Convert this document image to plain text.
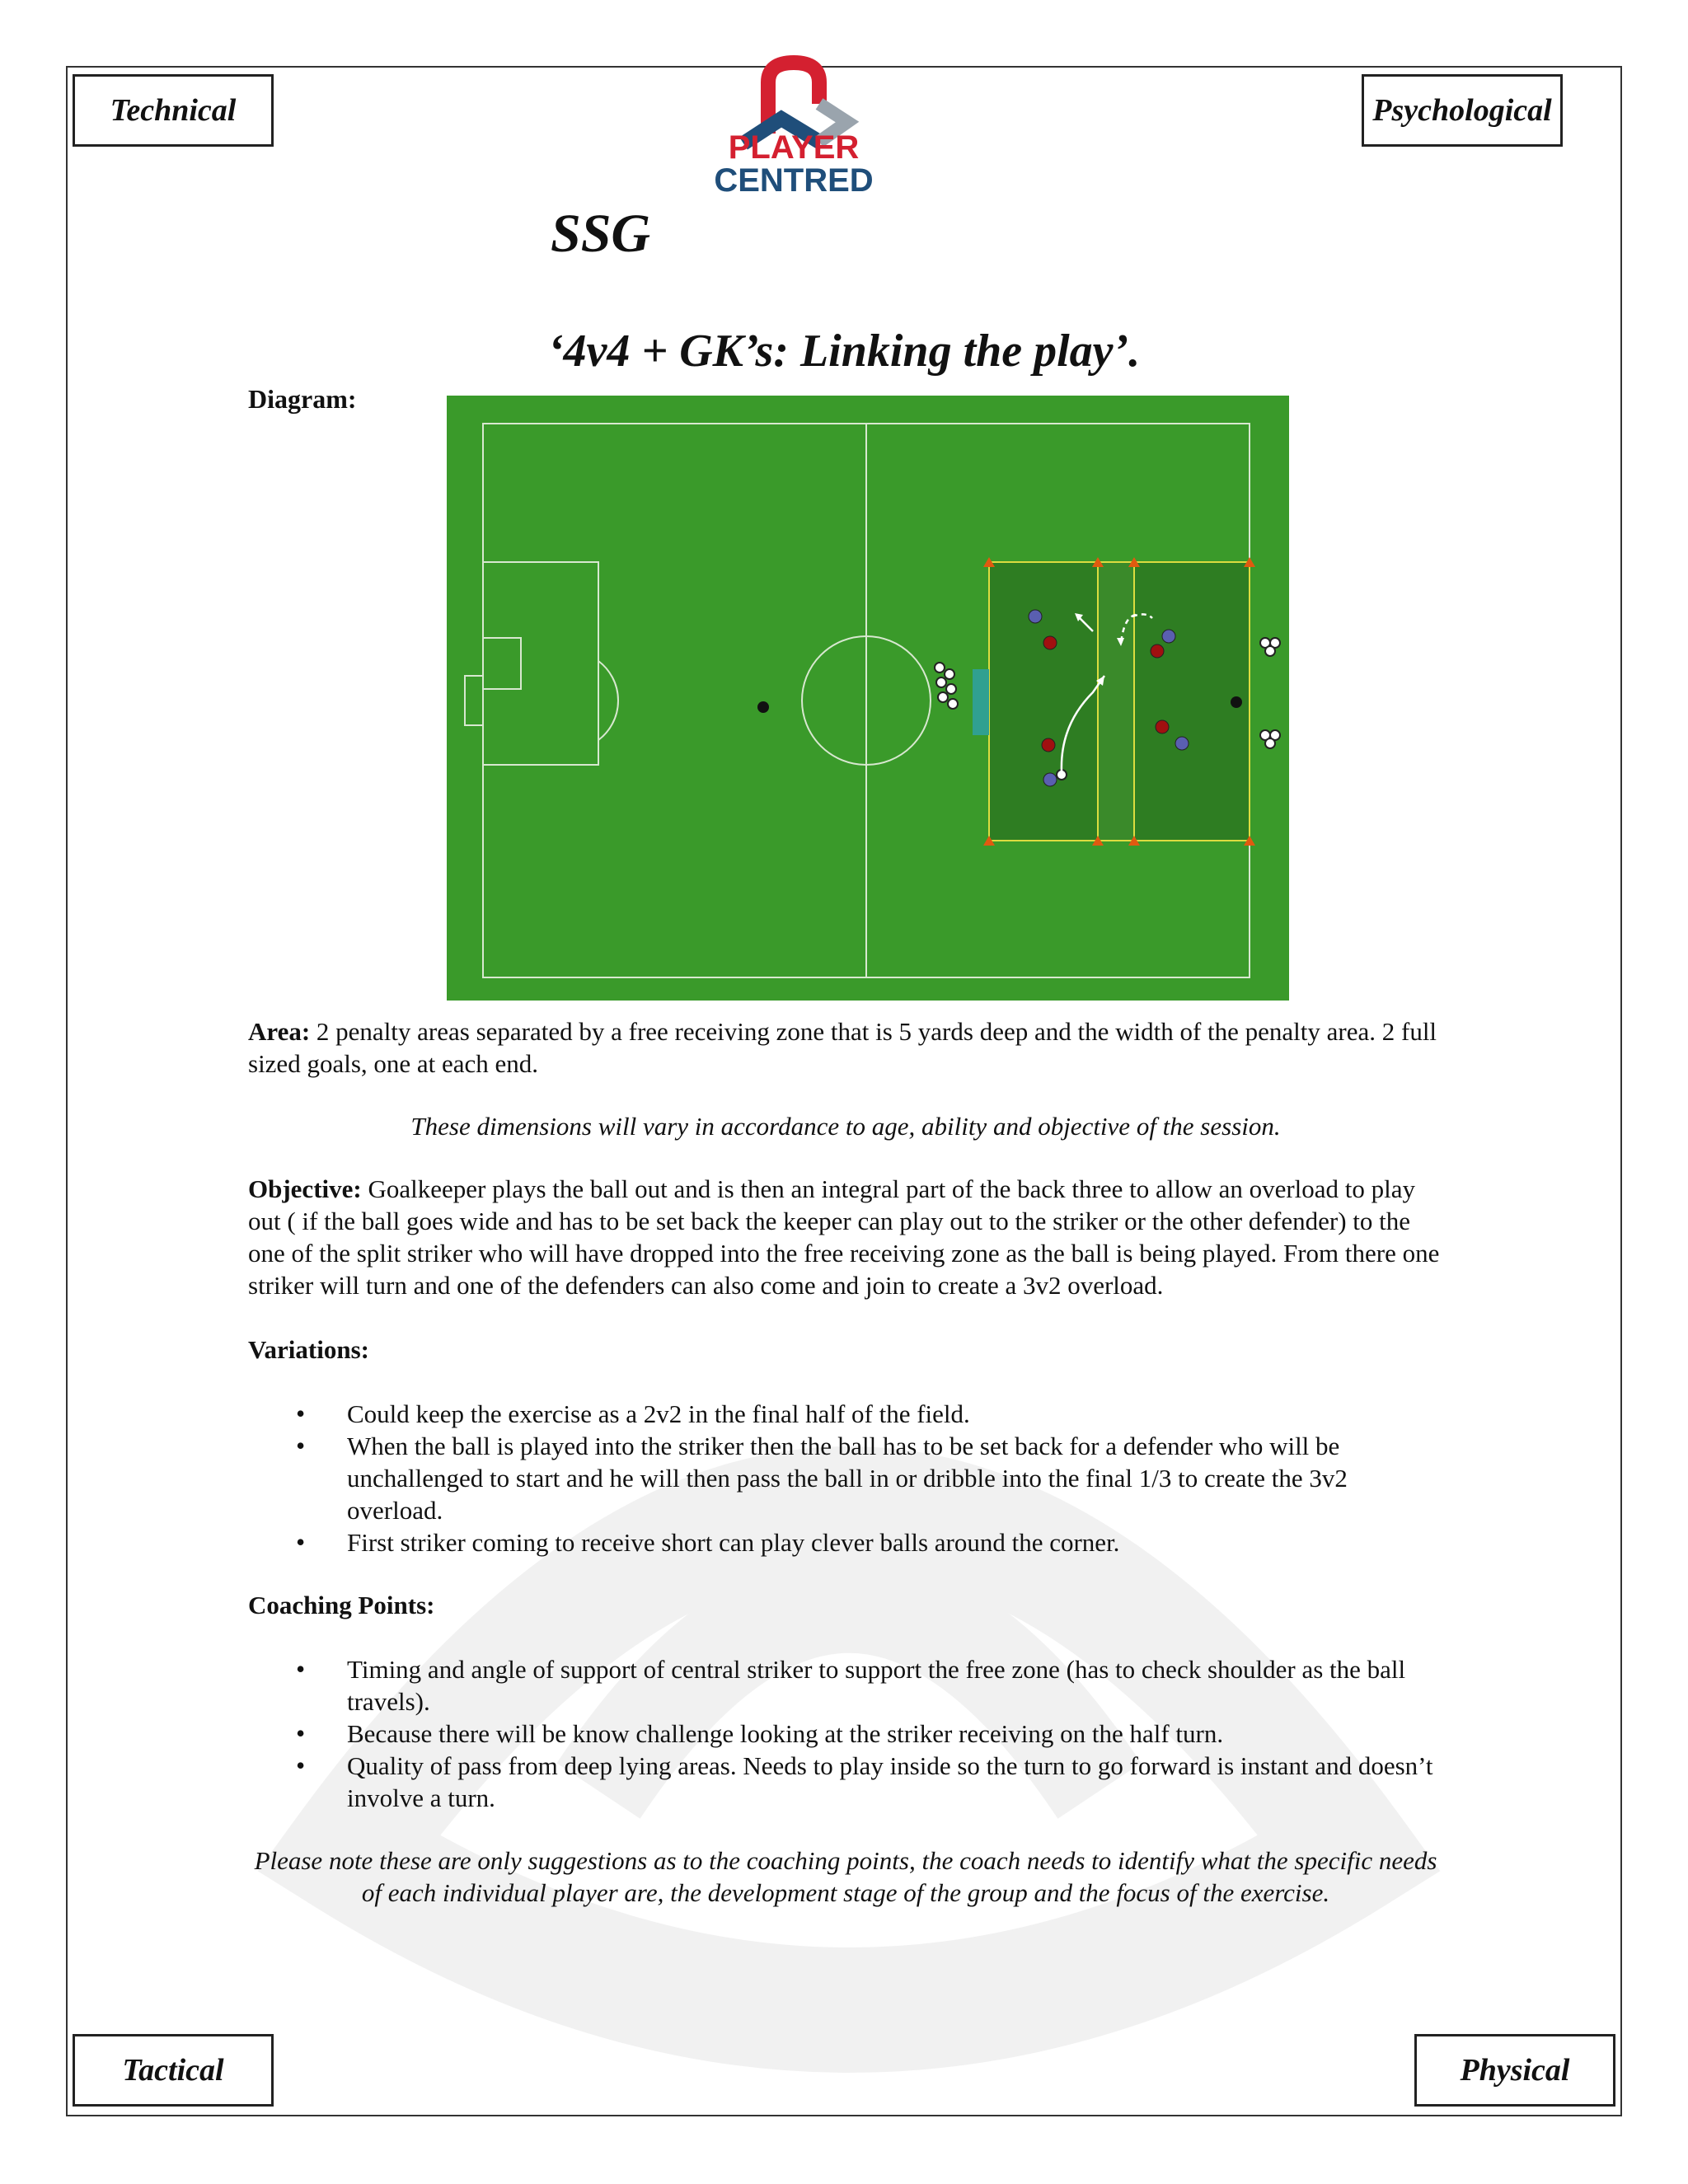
Technical	Psychological
Tactical	Physical
PLAYER
CENTRED
SSG
‘4v4 + GK’s: Linking the play’.
Diagram:

Area: 2 penalty areas separated by a free receiving zone that is 5 yards deep and the width of the penalty area. 2 full sized goals, one at each end.

These dimensions will vary in accordance to age, ability and objective of the session.

Objective: Goalkeeper plays the ball out and is then an integral part of the back three to allow an overload to play out ( if the ball goes wide and has to be set back the keeper can play out to the striker or the other defender) to the one of the split striker who will have dropped into the free receiving zone as the ball is being played. From there one striker will turn and one of the defenders can also come and join to create a 3v2 overload.

Variations:

• Could keep the exercise as a 2v2 in the final half of the field.
• When the ball is played into the striker then the ball has to be set back for a defender who will be unchallenged to start and he will then pass the ball in or dribble into the final 1/3 to create the 3v2 overload.
• First striker coming to receive short can play clever balls around the corner.

Coaching Points:

• Timing and angle of support of central striker to support the free zone (has to check shoulder as the ball travels).
• Because there will be know challenge looking at the striker receiving on the half turn.
• Quality of pass from deep lying areas. Needs to play inside so the turn to go forward is instant and doesn’t involve a turn.

Please note these are only suggestions as to the coaching points, the coach needs to identify what the specific needs of each individual player are, the development stage of the group and the focus of the exercise.
